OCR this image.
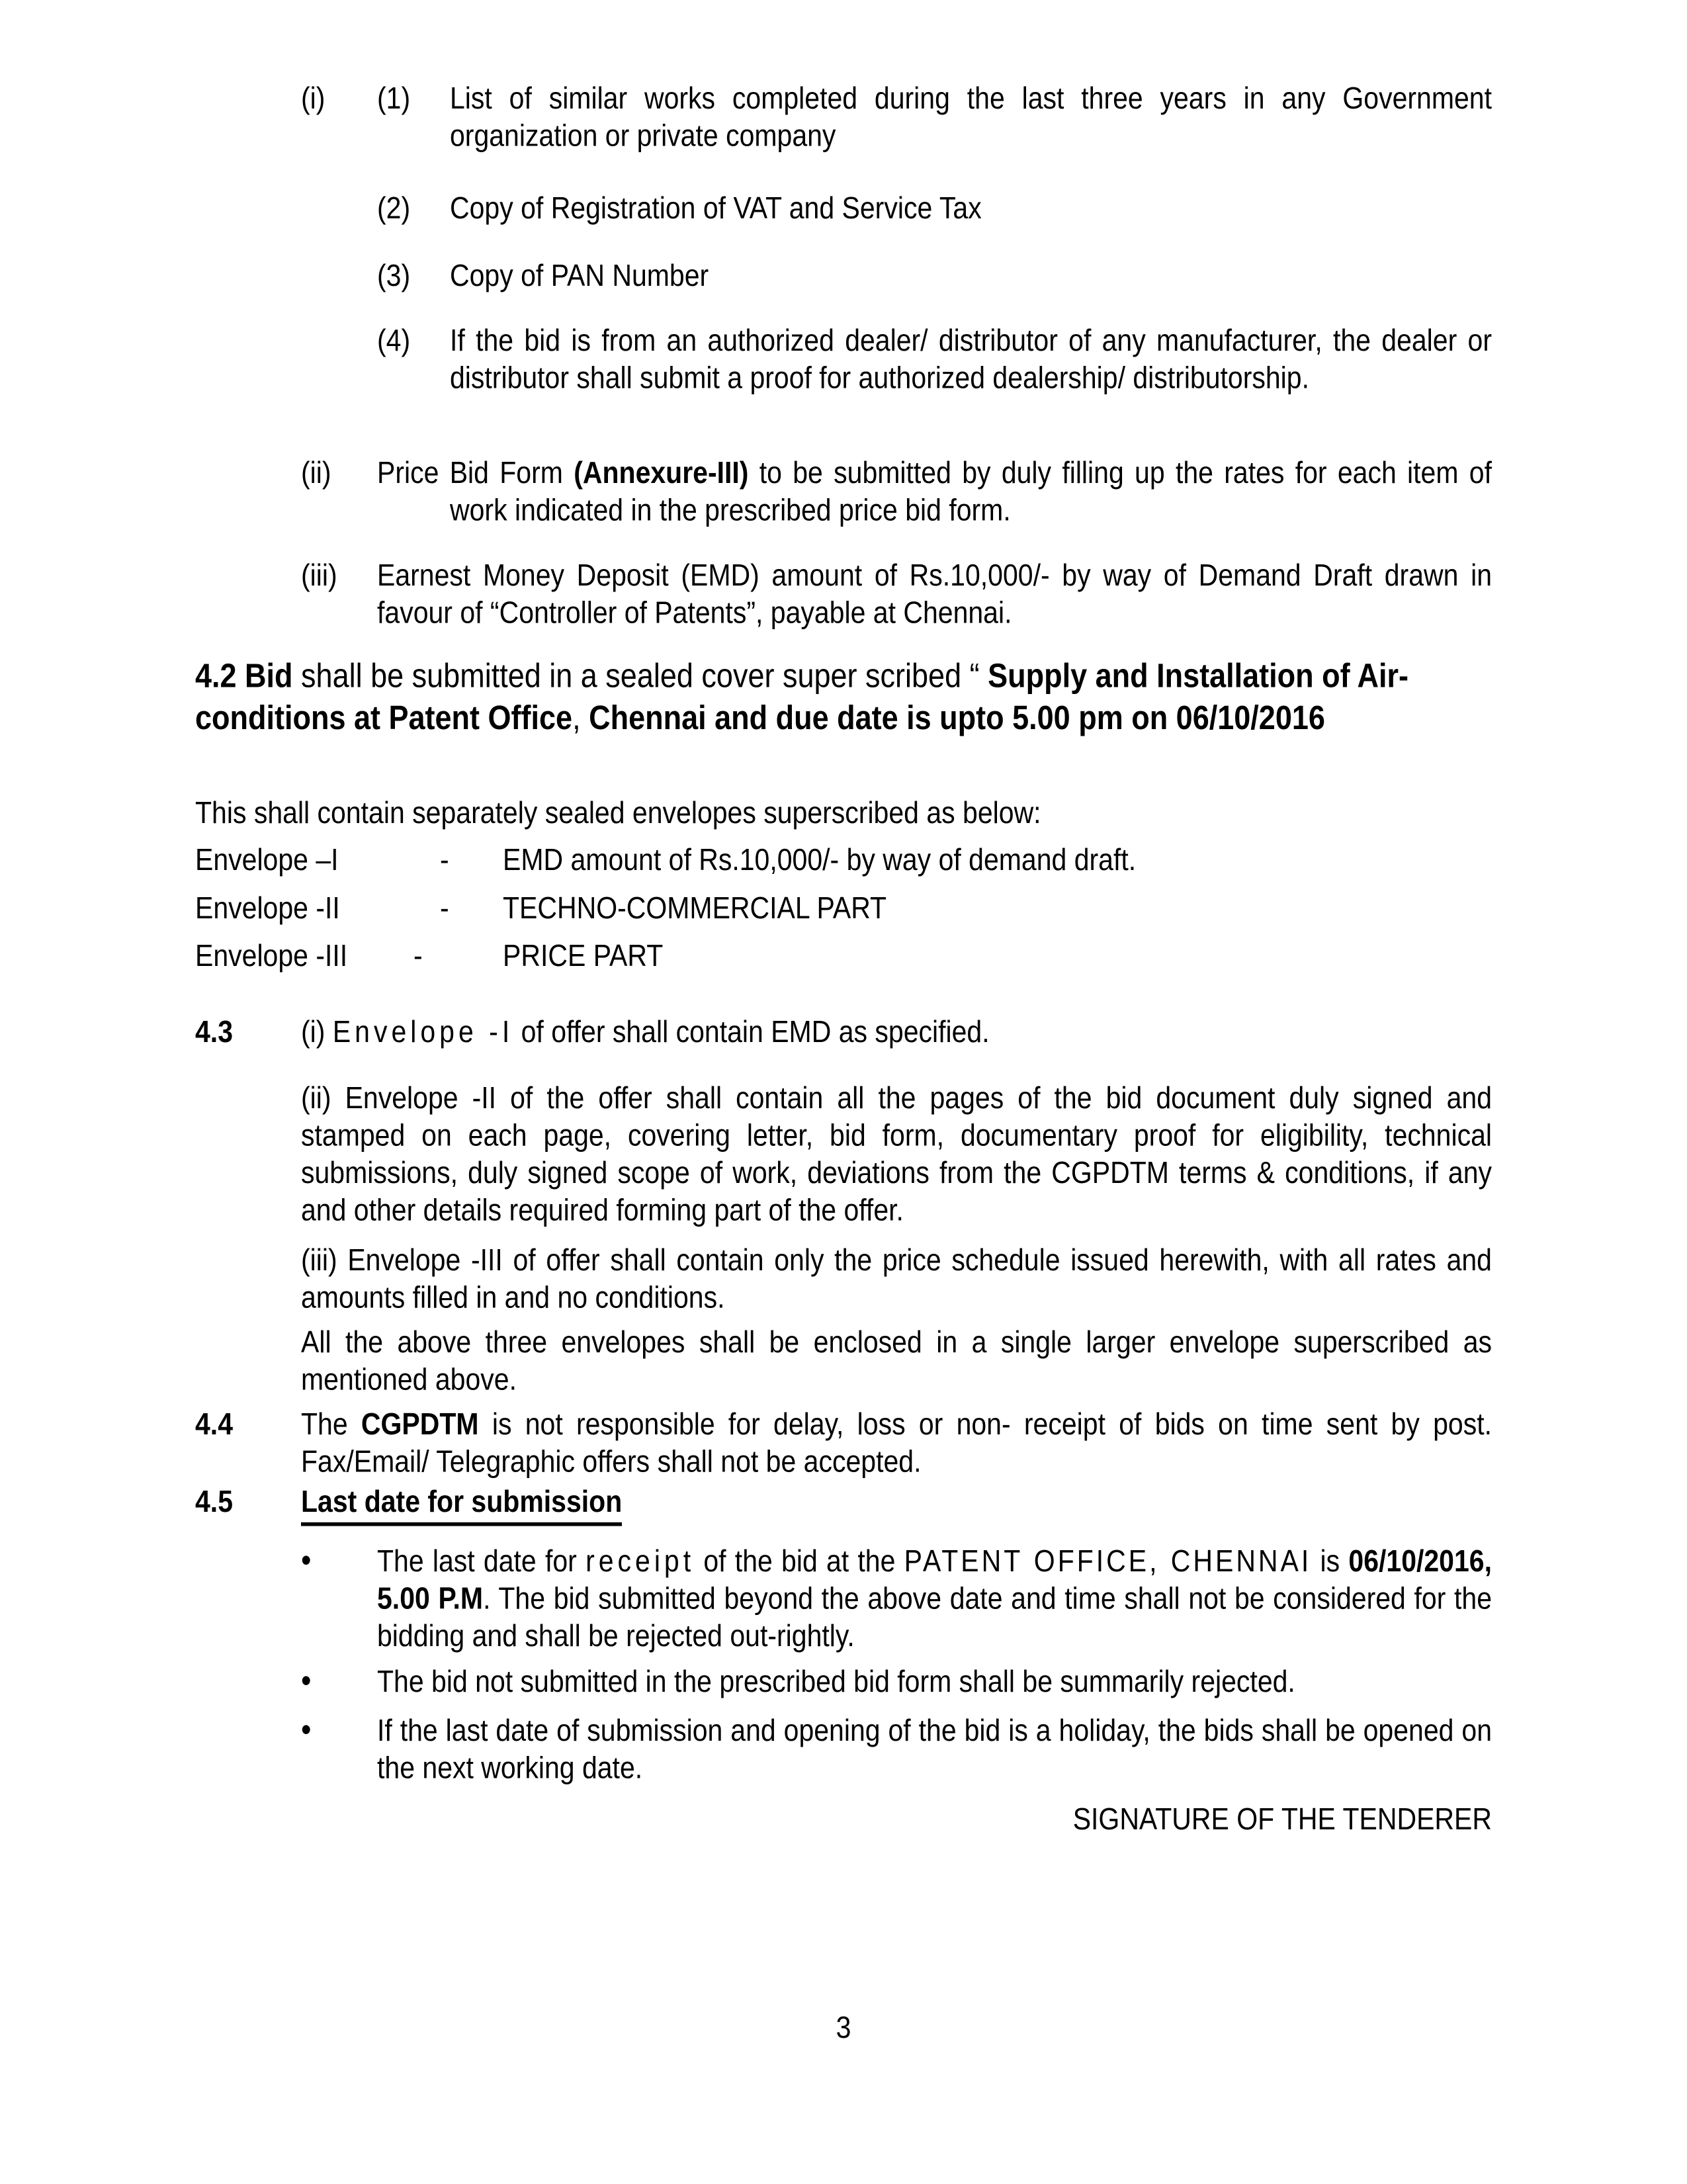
(i)	(1)	List of similar works completed during the last three years in any Government organization or private company
(2)	Copy of Registration of VAT and Service Tax
(3)	Copy of PAN Number
(4)	If the bid is from an authorized dealer/ distributor of any manufacturer, the dealer or distributor shall submit a proof for authorized dealership/ distributorship.
(ii)	Price Bid Form (Annexure-III) to be submitted by duly filling up the rates for each item of work indicated in the prescribed price bid form.
(iii)	Earnest Money Deposit (EMD) amount of Rs.10,000/- by way of Demand Draft drawn in favour of “Controller of Patents”, payable at Chennai.
4.2 Bid shall be submitted in a sealed cover super scribed “ Supply and Installation of Air- conditions at Patent Office, Chennai and due date is upto 5.00 pm on 06/10/2016
This shall contain separately sealed envelopes superscribed as below:
Envelope –I	-	EMD amount of Rs.10,000/- by way of demand draft.
Envelope -II	-	TECHNO-COMMERCIAL PART
Envelope -III	-	PRICE PART
4.3	(i) Envelope -I of offer shall contain EMD as specified.
(ii) Envelope -II of the offer shall contain all the pages of the bid document duly signed and stamped on each page, covering letter, bid form, documentary proof for eligibility, technical submissions, duly signed scope of work, deviations from the CGPDTM terms & conditions, if any and other details required forming part of the offer.
(iii) Envelope -III of offer shall contain only the price schedule issued herewith, with all rates and amounts filled in and no conditions.
All the above three envelopes shall be enclosed in a single larger envelope superscribed as mentioned above.
4.4	The CGPDTM is not responsible for delay, loss or non- receipt of bids on time sent by post. Fax/Email/ Telegraphic offers shall not be accepted.
4.5	Last date for submission
•	The last date for receipt of the bid at the PATENT OFFICE, CHENNAI is 06/10/2016, 5.00 P.M. The bid submitted beyond the above date and time shall not be considered for the bidding and shall be rejected out-rightly.
•	The bid not submitted in the prescribed bid form shall be summarily rejected.
•	If the last date of submission and opening of the bid is a holiday, the bids shall be opened on the next working date.
SIGNATURE OF THE TENDERER
3
